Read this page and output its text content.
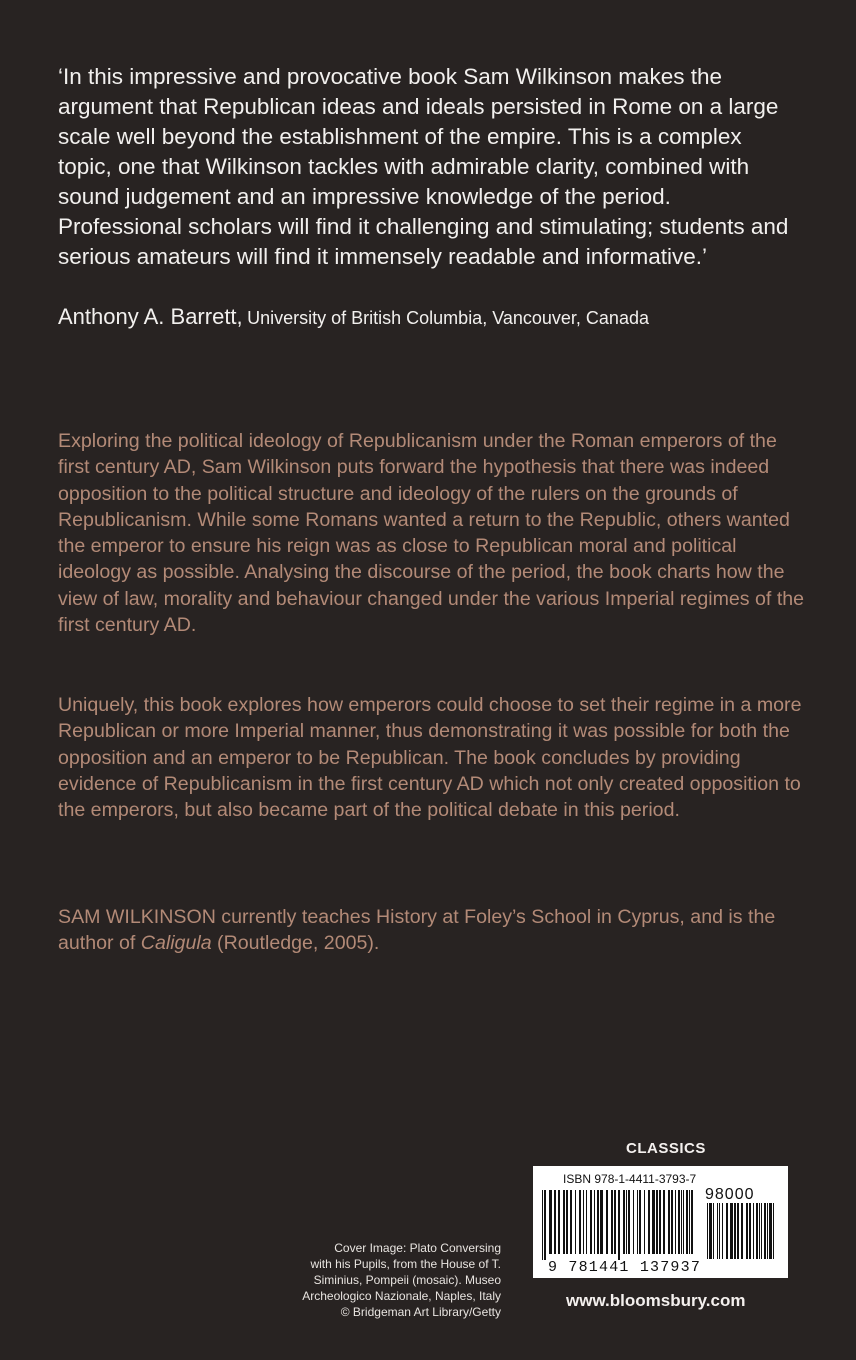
‘In this impressive and provocative book Sam Wilkinson makes the argument that Republican ideas and ideals persisted in Rome on a large scale well beyond the establishment of the empire. This is a complex topic, one that Wilkinson tackles with admirable clarity, combined with sound judgement and an impressive knowledge of the period. Professional scholars will find it challenging and stimulating; students and serious amateurs will find it immensely readable and informative.’

Anthony A. Barrett, University of British Columbia, Vancouver, Canada

Exploring the political ideology of Republicanism under the Roman emperors of the first century AD, Sam Wilkinson puts forward the hypothesis that there was indeed opposition to the political structure and ideology of the rulers on the grounds of Republicanism. While some Romans wanted a return to the Republic, others wanted the emperor to ensure his reign was as close to Republican moral and political ideology as possible. Analysing the discourse of the period, the book charts how the view of law, morality and behaviour changed under the various Imperial regimes of the first century AD.

Uniquely, this book explores how emperors could choose to set their regime in a more Republican or more Imperial manner, thus demonstrating it was possible for both the opposition and an emperor to be Republican. The book concludes by providing evidence of Republicanism in the first century AD which not only created opposition to the emperors, but also became part of the political debate in this period.

SAM WILKINSON currently teaches History at Foley’s School in Cyprus, and is the author of Caligula (Routledge, 2005).

CLASSICS
ISBN 978-1-4411-3793-7
98000
9 781441 137937
www.bloomsbury.com
Cover Image: Plato Conversing
with his Pupils, from the House of T.
Siminius, Pompeii (mosaic). Museo
Archeologico Nazionale, Naples, Italy
© Bridgeman Art Library/Getty
